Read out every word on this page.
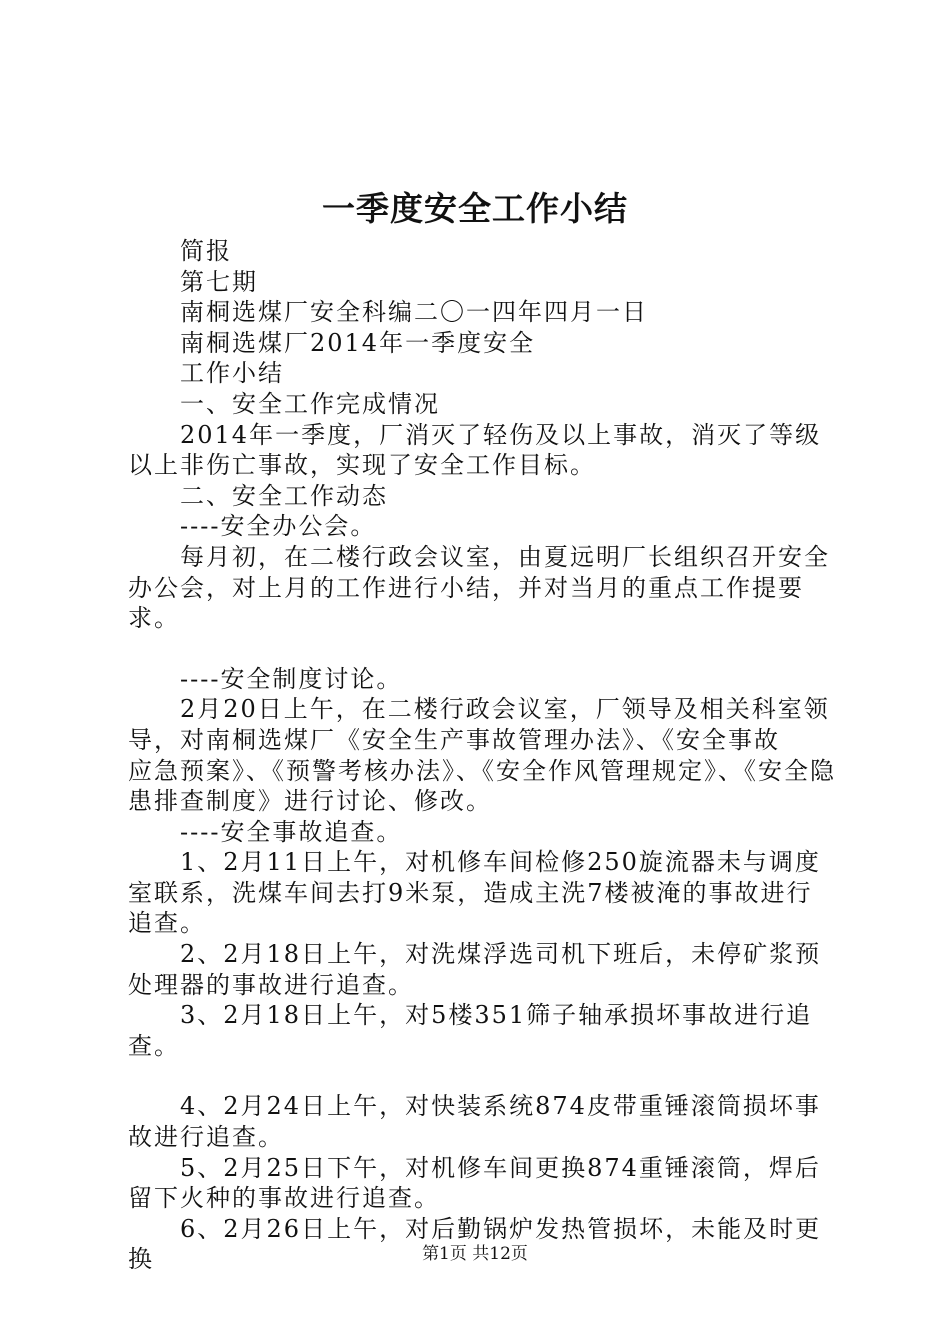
一季度安全工作小结

简报

第七期

南桐选煤厂安全科编二〇一四年四月一日

南桐选煤厂2014年一季度安全

工作小结

一、安全工作完成情况

2014年一季度，厂消灭了轻伤及以上事故，消灭了等级以上非伤亡事故，实现了安全工作目标。

二、安全工作动态

----安全办公会。

每月初，在二楼行政会议室，由夏远明厂长组织召开安全办公会，对上月的工作进行小结，并对当月的重点工作提要求。

----安全制度讨论。

2月20日上午，在二楼行政会议室，厂领导及相关科室领导，对南桐选煤厂《安全生产事故管理办法》、《安全事故

应急预案》、《预警考核办法》、《安全作风管理规定》、《安全隐患排查制度》进行讨论、修改。

----安全事故追查。

1、2月11日上午，对机修车间检修250旋流器未与调度室联系，洗煤车间去打9米泵，造成主洗7楼被淹的事故进行追查。

2、2月18日上午，对洗煤浮选司机下班后，未停矿浆预处理器的事故进行追查。

3、2月18日上午，对5楼351筛子轴承损坏事故进行追查。

4、2月24日上午，对快装系统874皮带重锤滚筒损坏事故进行追查。

5、2月25日下午，对机修车间更换874重锤滚筒，焊后留下火种的事故进行追查。

6、2月26日上午，对后勤锅炉发热管损坏，未能及时更换	第1页 共12页
